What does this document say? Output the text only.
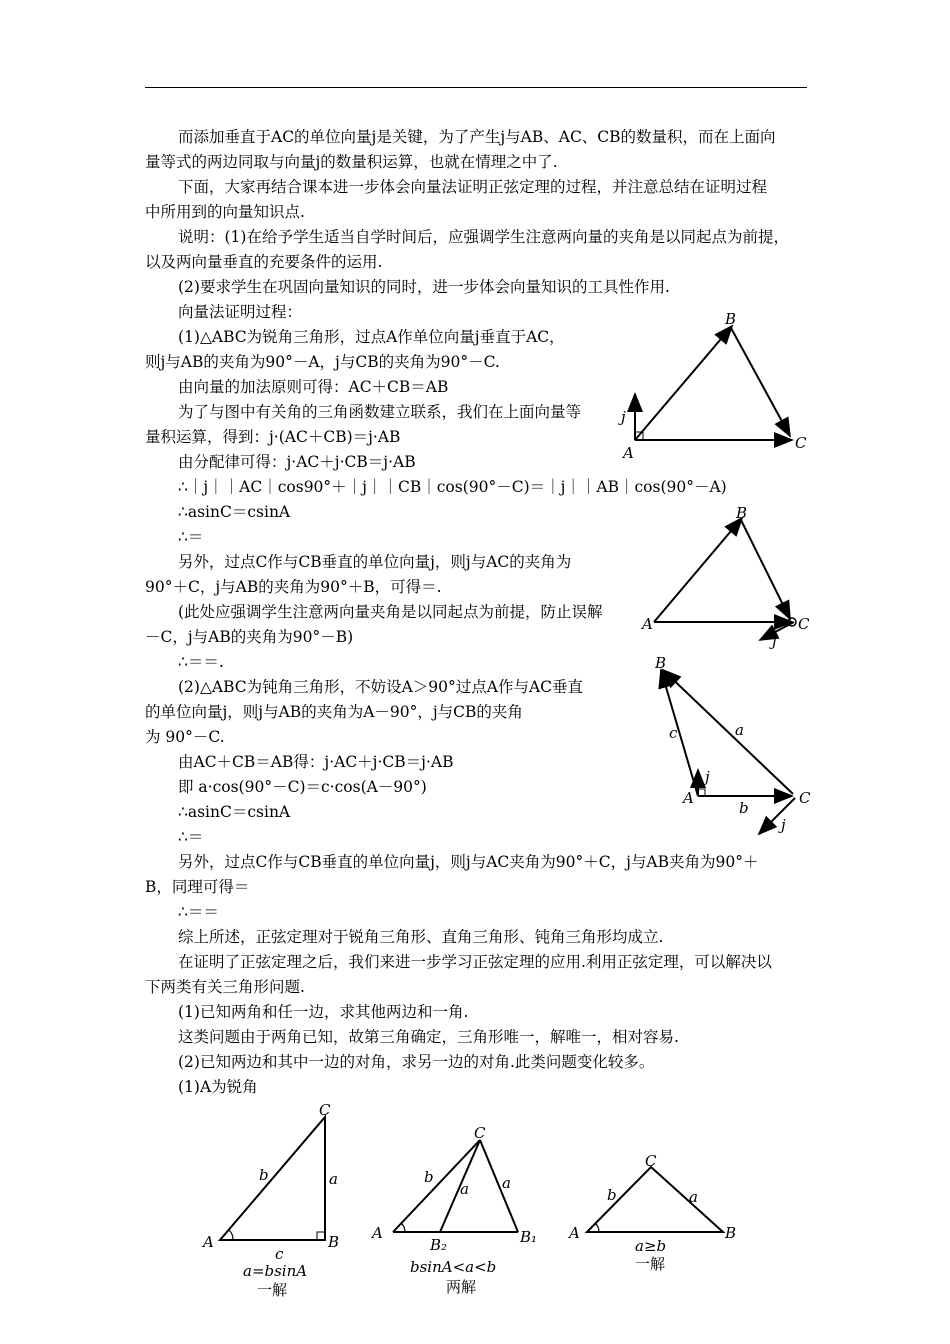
而添加垂直于AC的单位向量j是关键，为了产生j与AB、AC、CB的数量积，而在上面向
量等式的两边同取与向量j的数量积运算，也就在情理之中了.
下面，大家再结合课本进一步体会向量法证明正弦定理的过程，并注意总结在证明过程
中所用到的向量知识点.
说明：(1)在给予学生适当自学时间后，应强调学生注意两向量的夹角是以同起点为前提，
以及两向量垂直的充要条件的运用.
(2)要求学生在巩固向量知识的同时，进一步体会向量知识的工具性作用.
向量法证明过程：
(1)△ABC为锐角三角形，过点A作单位向量j垂直于AC，
则j与AB的夹角为90°－A，j与CB的夹角为90°－C.
由向量的加法原则可得：AC＋CB＝AB
为了与图中有关角的三角函数建立联系，我们在上面向量等
量积运算，得到：j·(AC＋CB)＝j·AB
由分配律可得：j·AC＋j·CB＝j·AB
∴｜j｜｜AC｜cos90°＋｜j｜｜CB｜cos(90°－C)＝｜j｜｜AB｜cos(90°－A)
∴asinC＝csinA
∴＝
另外，过点C作与CB垂直的单位向量j，则j与AC的夹角为
90°＋C，j与AB的夹角为90°＋B，可得＝.
(此处应强调学生注意两向量夹角是以同起点为前提，防止误解
－C，j与AB的夹角为90°－B)
∴＝＝.
(2)△ABC为钝角三角形，不妨设A＞90°过点A作与AC垂直
的单位向量j，则j与AB的夹角为A－90°，j与CB的夹角
为 90°－C.
由AC＋CB＝AB得：j·AC＋j·CB＝j·AB
即 a·cos(90°－C)＝c·cos(A－90°)
∴asinC＝csinA
∴＝
另外，过点C作与CB垂直的单位向量j，则j与AC夹角为90°＋C，j与AB夹角为90°＋
B，同理可得＝
∴＝＝
综上所述，正弦定理对于锐角三角形、直角三角形、钝角三角形均成立.
在证明了正弦定理之后，我们来进一步学习正弦定理的应用.利用正弦定理，可以解决以
下两类有关三角形问题.
(1)已知两角和任一边，求其他两边和一角.
这类问题由于两角已知，故第三角确定，三角形唯一，解唯一，相对容易.
(2)已知两边和其中一边的对角，求另一边的对角.此类问题变化较多。
(1)A为锐角
A
B
C
j
A
B
C
j
B
A	C
c	a
b
j
j
A	B
C
b	a
c
a=bsinA
一解
A	B₁
B₂
C
b
a a
bsinA<a<b
两解
A	B
C
b	a
a≥b
一解
